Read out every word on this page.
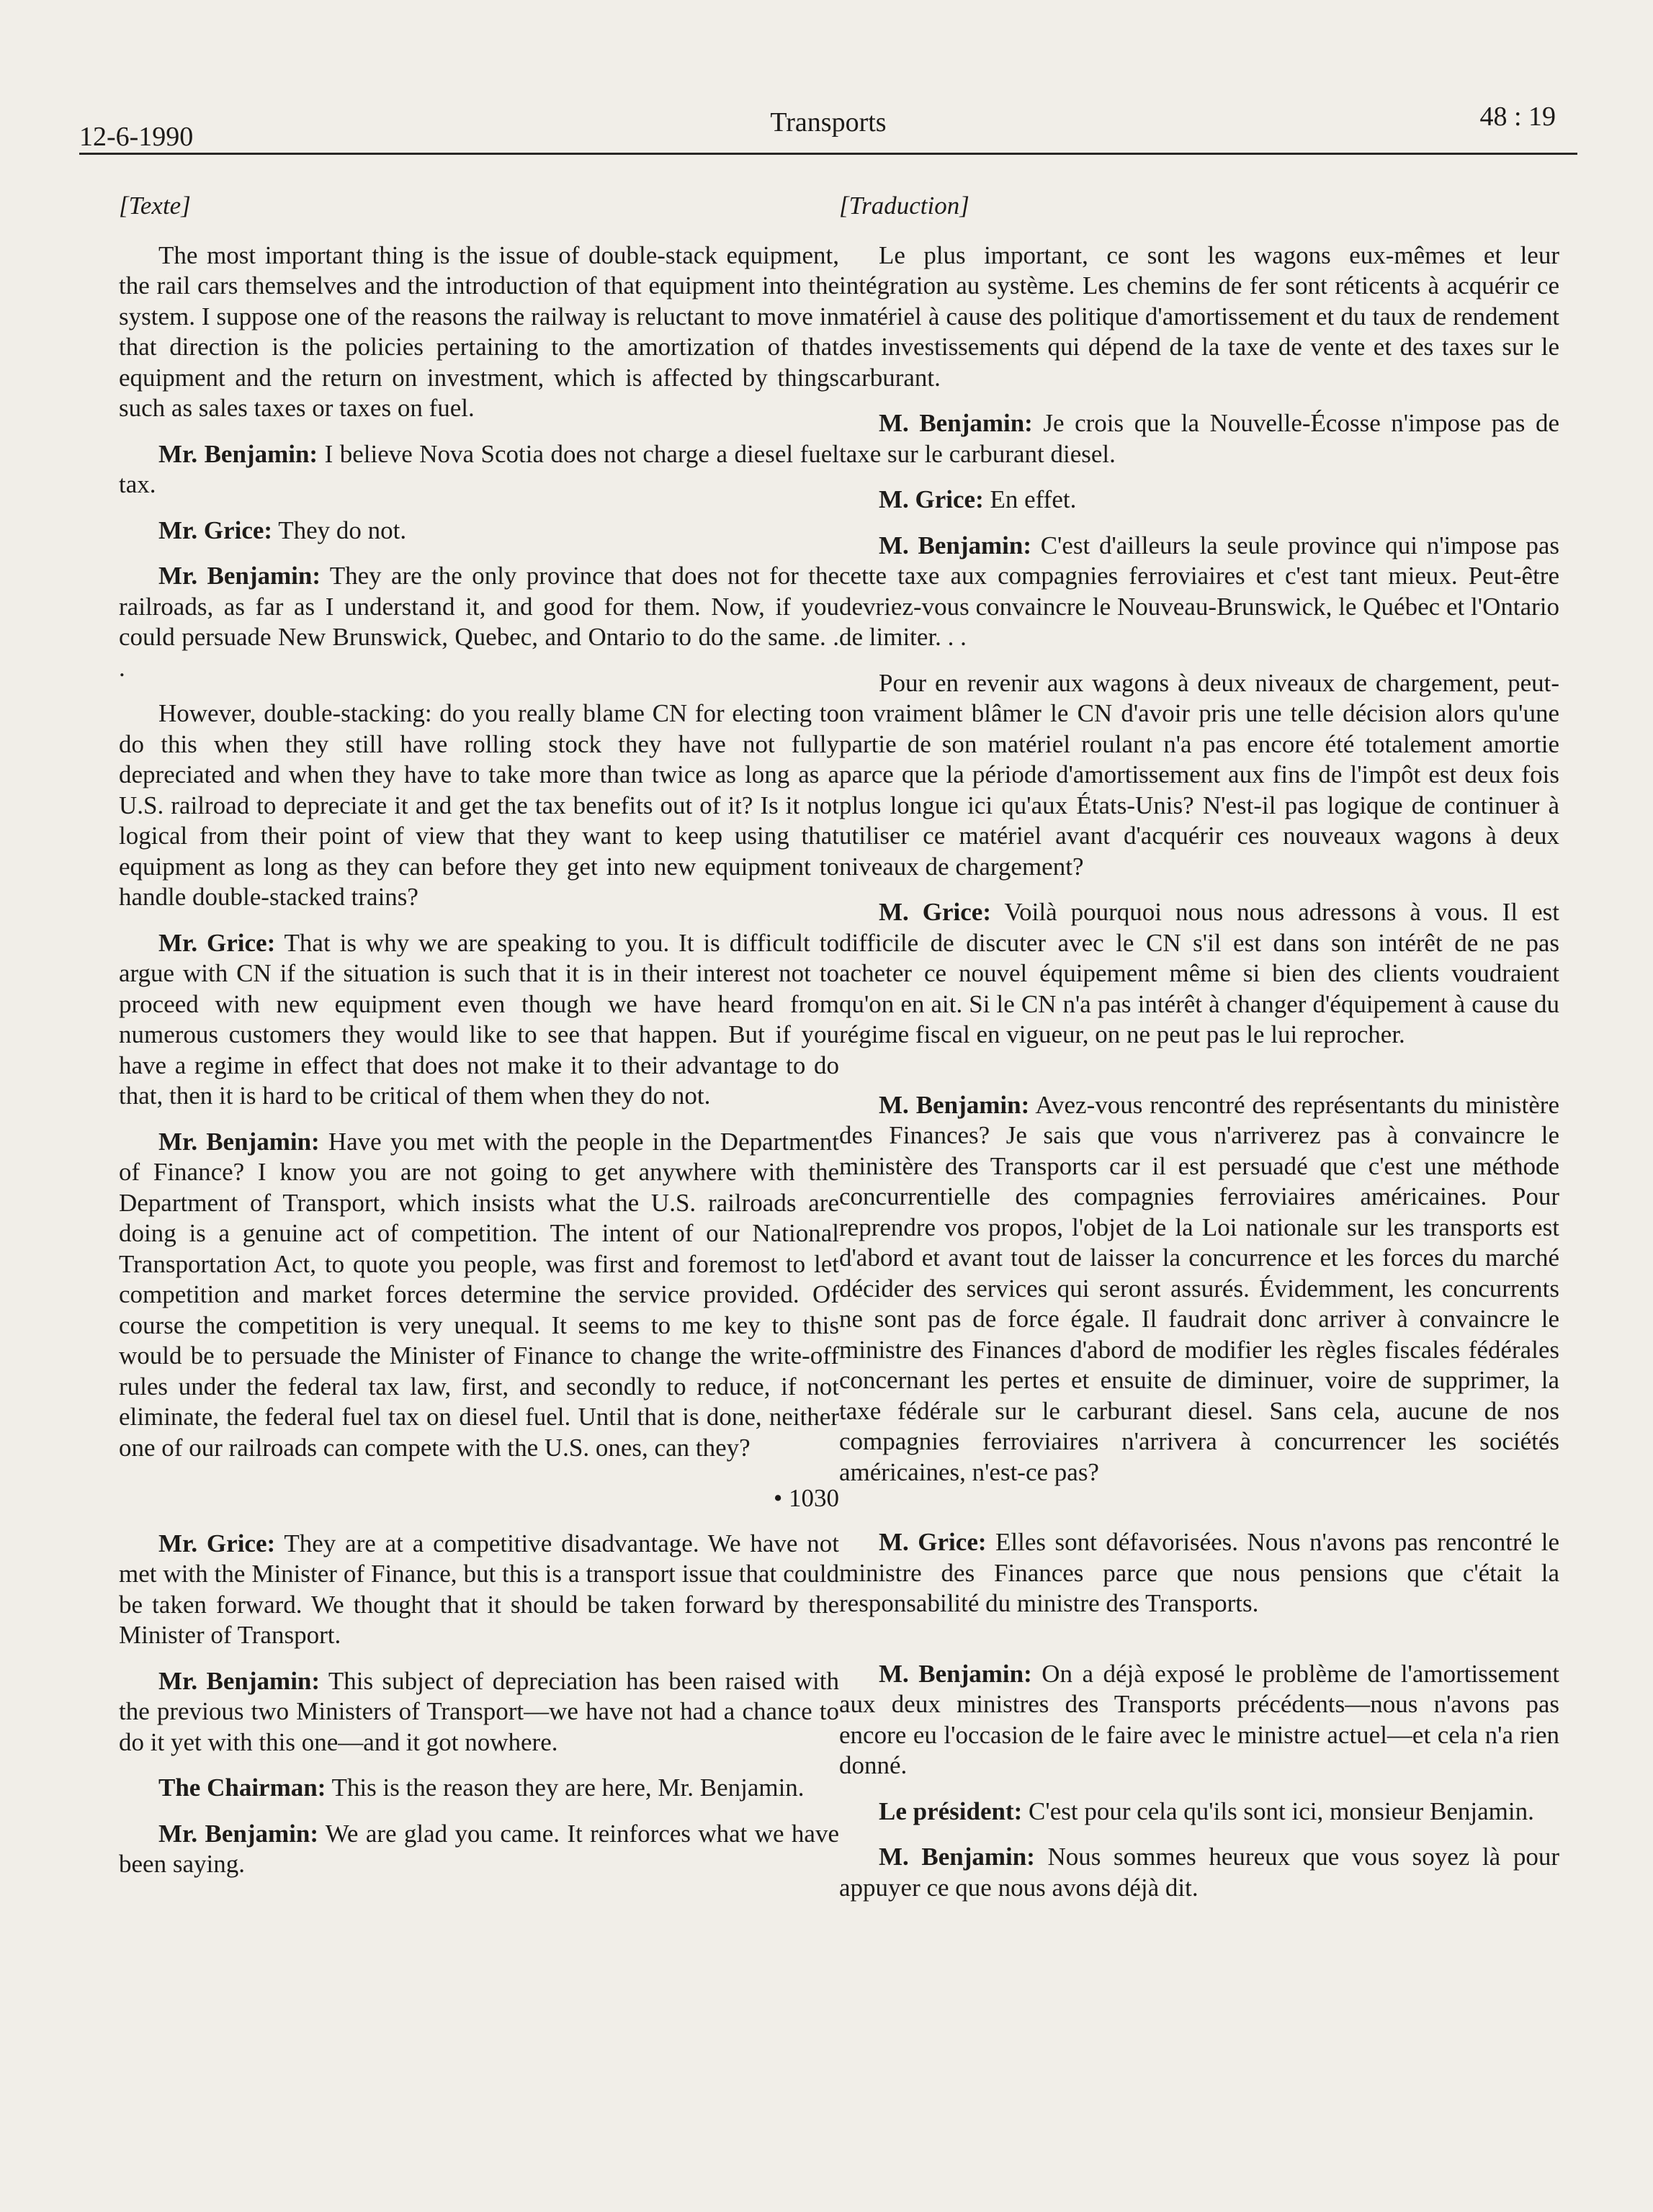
12-6-1990	Transports	48 : 19

[Texte]

The most important thing is the issue of double-stack equipment, the rail cars themselves and the introduction of that equipment into the system. I suppose one of the reasons the railway is reluctant to move in that direction is the policies pertaining to the amortization of that equipment and the return on investment, which is affected by things such as sales taxes or taxes on fuel.

Mr. Benjamin: I believe Nova Scotia does not charge a diesel fuel tax.

Mr. Grice: They do not.

Mr. Benjamin: They are the only province that does not for the railroads, as far as I understand it, and good for them. Now, if you could persuade New Brunswick, Quebec, and Ontario to do the same. . .

However, double-stacking: do you really blame CN for electing to do this when they still have rolling stock they have not fully depreciated and when they have to take more than twice as long as a U.S. railroad to depreciate it and get the tax benefits out of it? Is it not logical from their point of view that they want to keep using that equipment as long as they can before they get into new equipment to handle double-stacked trains?

Mr. Grice: That is why we are speaking to you. It is difficult to argue with CN if the situation is such that it is in their interest not to proceed with new equipment even though we have heard from numerous customers they would like to see that happen. But if you have a regime in effect that does not make it to their advantage to do that, then it is hard to be critical of them when they do not.

Mr. Benjamin: Have you met with the people in the Department of Finance? I know you are not going to get anywhere with the Department of Transport, which insists what the U.S. railroads are doing is a genuine act of competition. The intent of our National Transportation Act, to quote you people, was first and foremost to let competition and market forces determine the service provided. Of course the competition is very unequal. It seems to me key to this would be to persuade the Minister of Finance to change the write-off rules under the federal tax law, first, and secondly to reduce, if not eliminate, the federal fuel tax on diesel fuel. Until that is done, neither one of our railroads can compete with the U.S. ones, can they?

• 1030

Mr. Grice: They are at a competitive disadvantage. We have not met with the Minister of Finance, but this is a transport issue that could be taken forward. We thought that it should be taken forward by the Minister of Transport.

Mr. Benjamin: This subject of depreciation has been raised with the previous two Ministers of Transport—we have not had a chance to do it yet with this one—and it got nowhere.

The Chairman: This is the reason they are here, Mr. Benjamin.

Mr. Benjamin: We are glad you came. It reinforces what we have been saying.

[Traduction]

Le plus important, ce sont les wagons eux-mêmes et leur intégration au système. Les chemins de fer sont réticents à acquérir ce matériel à cause des politique d'amortissement et du taux de rendement des investissements qui dépend de la taxe de vente et des taxes sur le carburant.

M. Benjamin: Je crois que la Nouvelle-Écosse n'impose pas de taxe sur le carburant diesel.

M. Grice: En effet.

M. Benjamin: C'est d'ailleurs la seule province qui n'impose pas cette taxe aux compagnies ferroviaires et c'est tant mieux. Peut-être devriez-vous convaincre le Nouveau-Brunswick, le Québec et l'Ontario de limiter. . .

Pour en revenir aux wagons à deux niveaux de chargement, peut-on vraiment blâmer le CN d'avoir pris une telle décision alors qu'une partie de son matériel roulant n'a pas encore été totalement amortie parce que la période d'amortissement aux fins de l'impôt est deux fois plus longue ici qu'aux États-Unis? N'est-il pas logique de continuer à utiliser ce matériel avant d'acquérir ces nouveaux wagons à deux niveaux de chargement?

M. Grice: Voilà pourquoi nous nous adressons à vous. Il est difficile de discuter avec le CN s'il est dans son intérêt de ne pas acheter ce nouvel équipement même si bien des clients voudraient qu'on en ait. Si le CN n'a pas intérêt à changer d'équipement à cause du régime fiscal en vigueur, on ne peut pas le lui reprocher.

M. Benjamin: Avez-vous rencontré des représentants du ministère des Finances? Je sais que vous n'arriverez pas à convaincre le ministère des Transports car il est persuadé que c'est une méthode concurrentielle des compagnies ferroviaires américaines. Pour reprendre vos propos, l'objet de la Loi nationale sur les transports est d'abord et avant tout de laisser la concurrence et les forces du marché décider des services qui seront assurés. Évidemment, les concurrents ne sont pas de force égale. Il faudrait donc arriver à convaincre le ministre des Finances d'abord de modifier les règles fiscales fédérales concernant les pertes et ensuite de diminuer, voire de supprimer, la taxe fédérale sur le carburant diesel. Sans cela, aucune de nos compagnies ferroviaires n'arrivera à concurrencer les sociétés américaines, n'est-ce pas?

M. Grice: Elles sont défavorisées. Nous n'avons pas rencontré le ministre des Finances parce que nous pensions que c'était la responsabilité du ministre des Transports.

M. Benjamin: On a déjà exposé le problème de l'amortissement aux deux ministres des Transports précédents—nous n'avons pas encore eu l'occasion de le faire avec le ministre actuel—et cela n'a rien donné.

Le président: C'est pour cela qu'ils sont ici, monsieur Benjamin.

M. Benjamin: Nous sommes heureux que vous soyez là pour appuyer ce que nous avons déjà dit.
